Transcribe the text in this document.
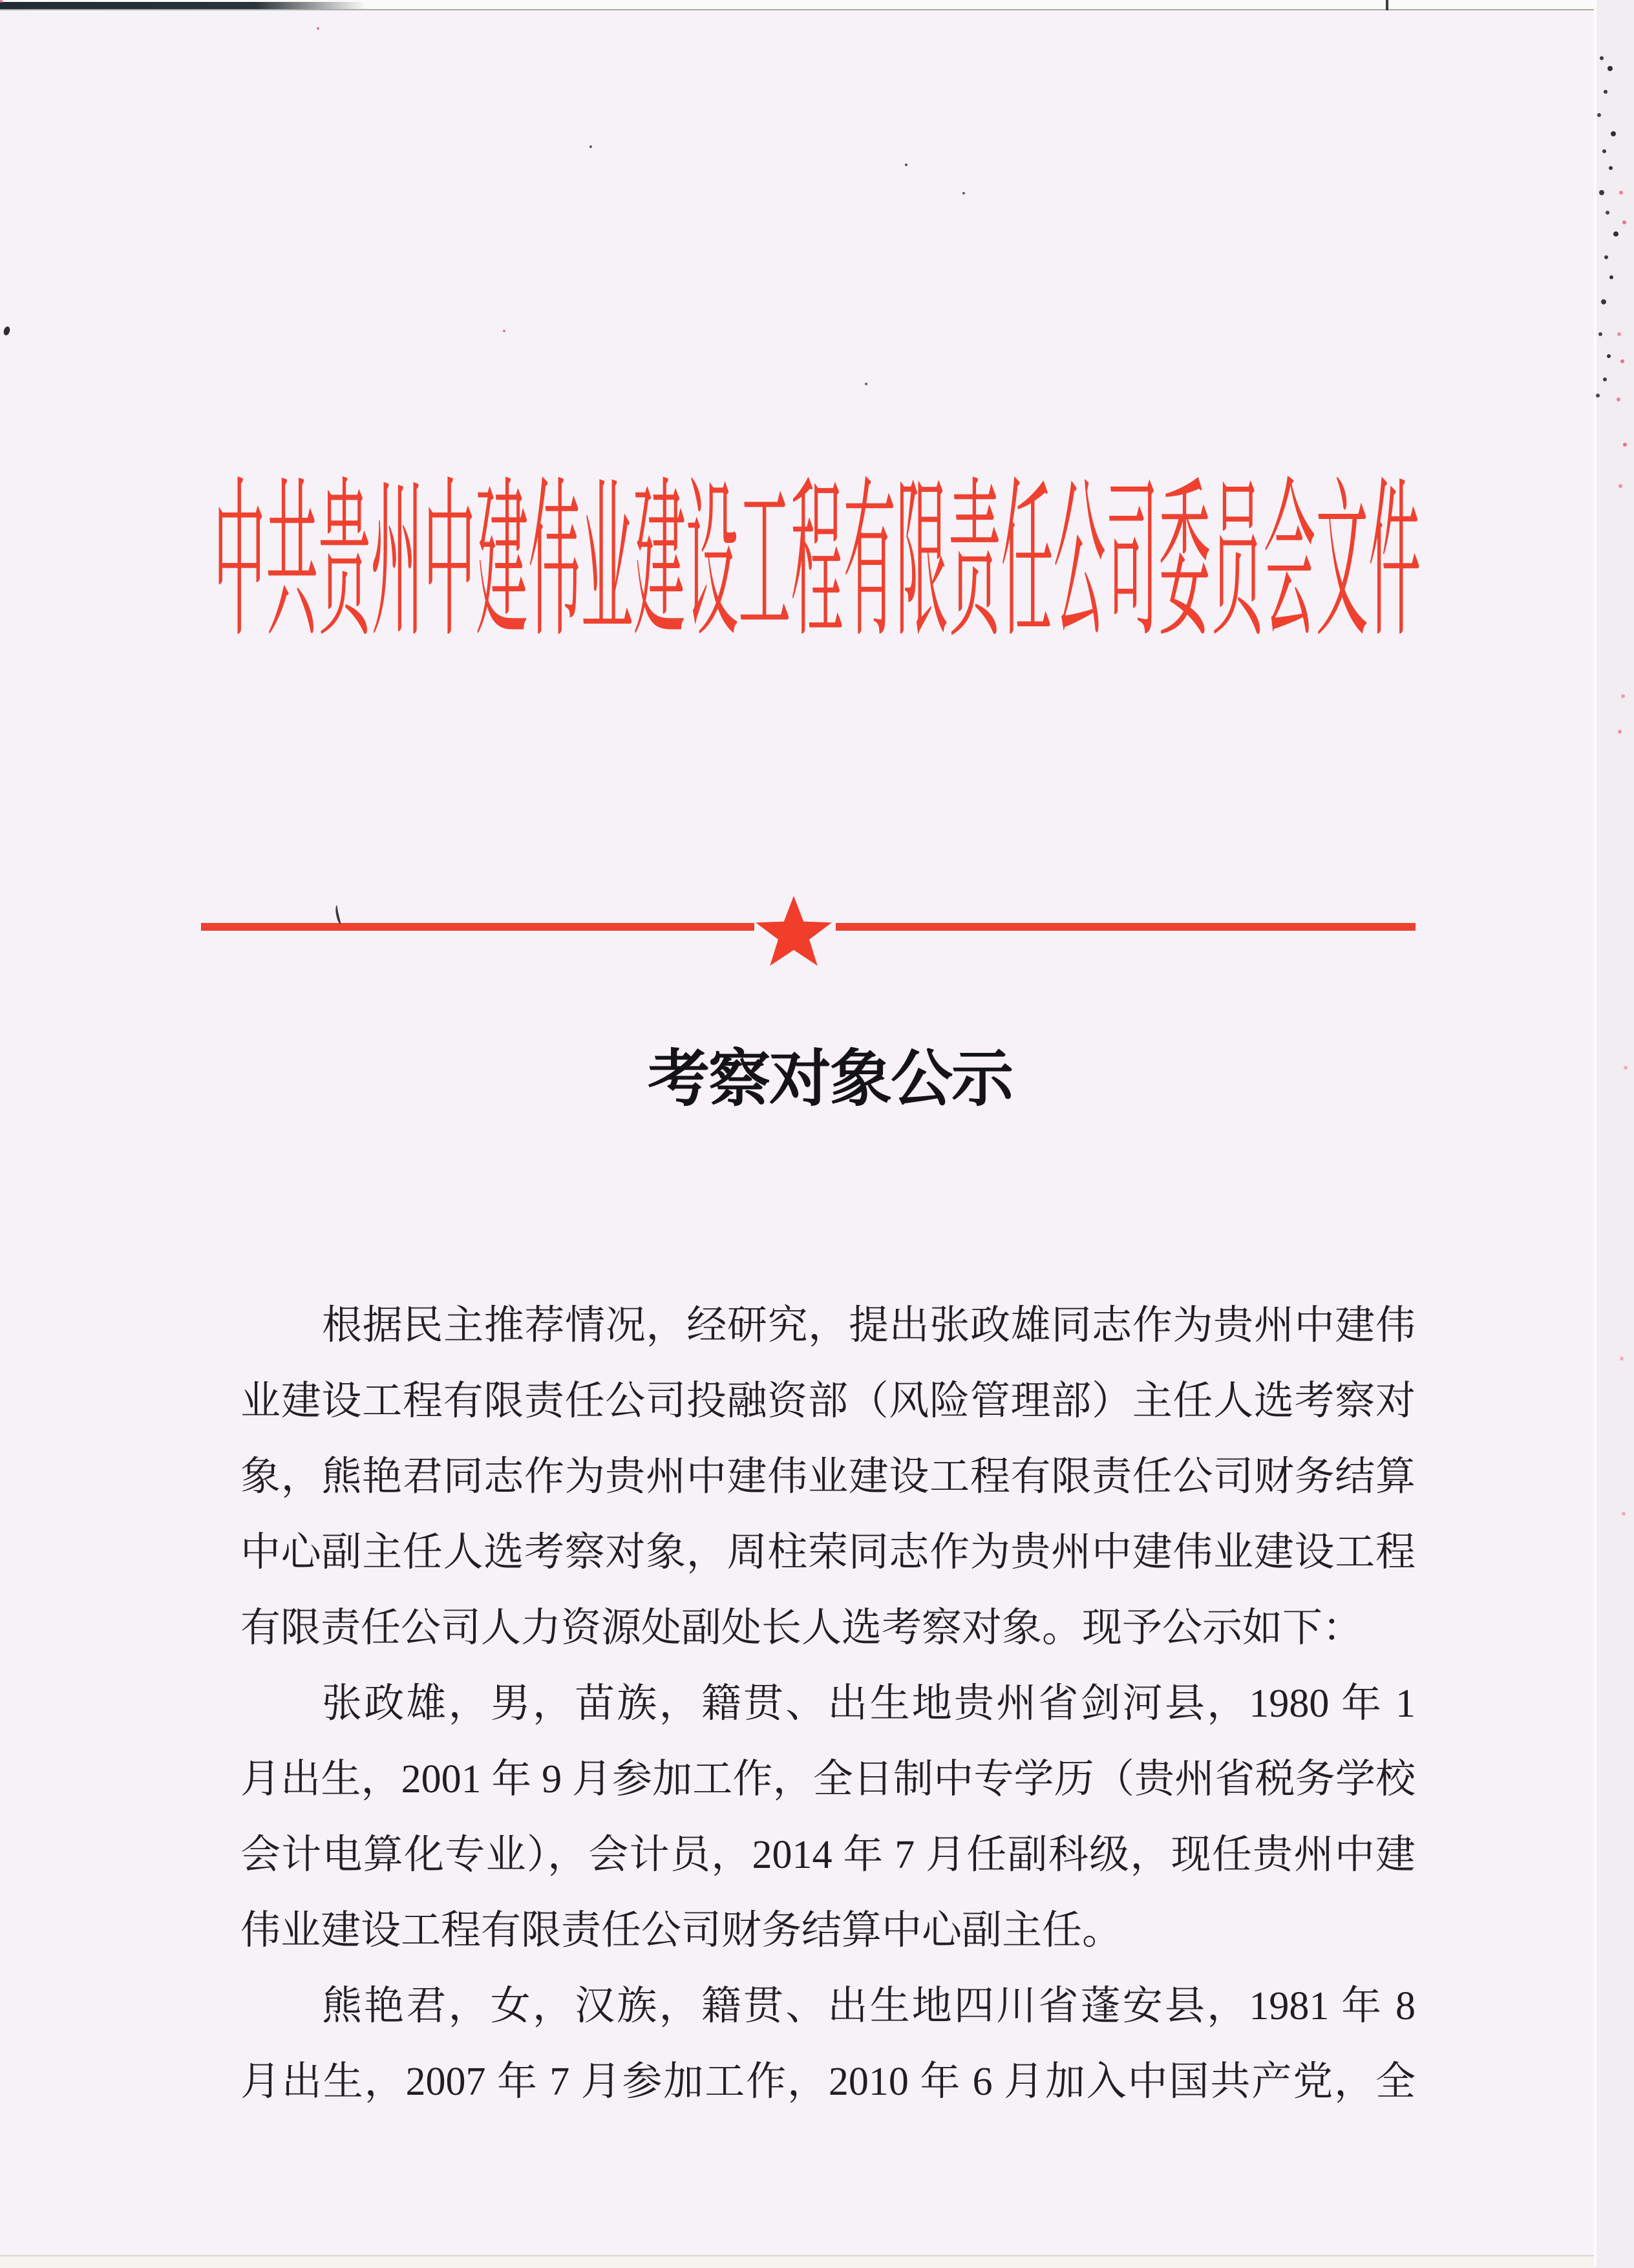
中共贵州中建伟业建设工程有限责任公司委员会文件
考察对象公示
根据民主推荐情况，经研究，提出张政雄同志作为贵州中建伟
业建设工程有限责任公司投融资部（风险管理部）主任人选考察对
象，熊艳君同志作为贵州中建伟业建设工程有限责任公司财务结算
中心副主任人选考察对象，周柱荣同志作为贵州中建伟业建设工程
有限责任公司人力资源处副处长人选考察对象。现予公示如下：
张政雄，男，苗族，籍贯、出生地贵州省剑河县，1980 年 1
月出生，2001 年 9 月参加工作，全日制中专学历（贵州省税务学校
会计电算化专业），会计员，2014 年 7 月任副科级，现任贵州中建
伟业建设工程有限责任公司财务结算中心副主任。
熊艳君，女，汉族，籍贯、出生地四川省蓬安县，1981 年 8
月出生，2007 年 7 月参加工作，2010 年 6 月加入中国共产党，全
